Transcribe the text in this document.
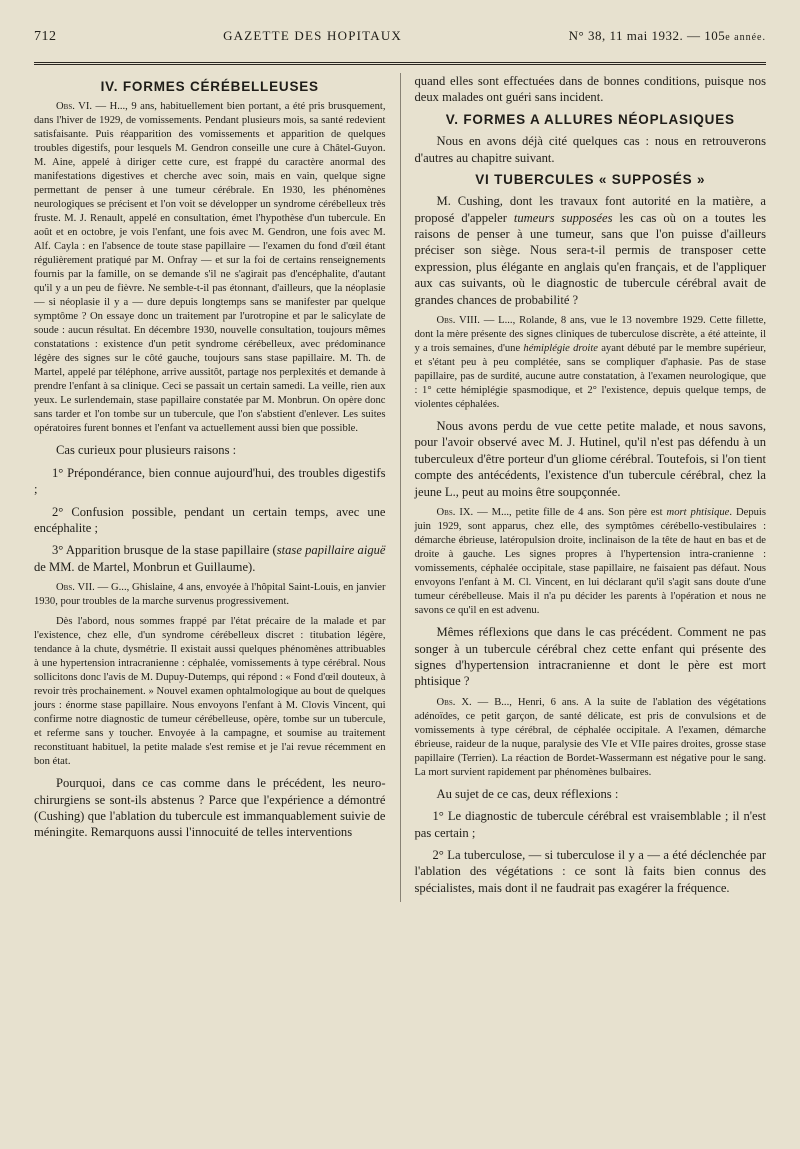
712	GAZETTE DES HOPITAUX	N° 38, 11 mai 1932. — 105e année.
IV. FORMES CÉRÉBELLEUSES

Obs. VI. — H..., 9 ans, habituellement bien portant, a été pris brusquement, dans l'hiver de 1929, de vomissements. Pendant plusieurs mois, sa santé redevient satisfaisante. Puis réapparition des vomissements et apparition de quelques troubles digestifs, pour lesquels M. Gendron conseille une cure à Châtel-Guyon. M. Aine, appelé à diriger cette cure, est frappé du caractère anormal des manifestations digestives et cherche avec soin, mais en vain, quelque signe permettant de penser à une tumeur cérébrale. En 1930, les phénomènes neurologiques se précisent et l'on voit se développer un syndrome cérébelleux très fruste. M. J. Renault, appelé en consultation, émet l'hypothèse d'un tubercule. En août et en octobre, je vois l'enfant, une fois avec M. Gendron, une fois avec M. Alf. Cayla : en l'absence de toute stase papillaire — l'examen du fond d'œil étant régulièrement pratiqué par M. Onfray — et sur la foi de certains renseignements fournis par la famille, on se demande s'il ne s'agirait pas d'encéphalite, d'autant qu'il y a un peu de fièvre. Ne semble-t-il pas étonnant, d'ailleurs, que la néoplasie — si néoplasie il y a — dure depuis longtemps sans se manifester par quelque symptôme ? On essaye donc un traitement par l'urotropine et par le salicylate de soude : aucun résultat. En décembre 1930, nouvelle consultation, toujours mêmes constatations : existence d'un petit syndrome cérébelleux, avec prédominance légère des signes sur le côté gauche, toujours sans stase papillaire. M. Th. de Martel, appelé par téléphone, arrive aussitôt, partage nos perplexités et demande à prendre l'enfant à sa clinique. Ceci se passait un certain samedi. La veille, rien aux yeux. Le surlendemain, stase papillaire constatée par M. Monbrun. On opère donc sans tarder et l'on tombe sur un tubercule, que l'on s'abstient d'enlever. Les suites opératoires furent bonnes et l'enfant va actuellement aussi bien que possible.

Cas curieux pour plusieurs raisons :

1° Prépondérance, bien connue aujourd'hui, des troubles digestifs ;

2° Confusion possible, pendant un certain temps, avec une encéphalite ;

3° Apparition brusque de la stase papillaire (stase papillaire aiguë de MM. de Martel, Monbrun et Guillaume).

Obs. VII. — G..., Ghislaine, 4 ans, envoyée à l'hôpital Saint-Louis, en janvier 1930, pour troubles de la marche survenus progressivement.

Dès l'abord, nous sommes frappé par l'état précaire de la malade et par l'existence, chez elle, d'un syndrome cérébelleux discret : titubation légère, tendance à la chute, dysmétrie. Il existait aussi quelques phénomènes attribuables à une hypertension intracranienne : céphalée, vomissements à type cérébral. Nous sollicitons donc l'avis de M. Dupuy-Dutemps, qui répond : « Fond d'œil douteux, à revoir très prochainement. » Nouvel examen ophtalmologique au bout de quelques jours : énorme stase papillaire. Nous envoyons l'enfant à M. Clovis Vincent, qui confirme notre diagnostic de tumeur cérébelleuse, opère, tombe sur un tubercule, et referme sans y toucher. Envoyée à la campagne, et soumise au traitement reconstituant habituel, la petite malade s'est remise et je l'ai revue récemment en bon état.

Pourquoi, dans ce cas comme dans le précédent, les neuro-chirurgiens se sont-ils abstenus ? Parce que l'expérience a démontré (Cushing) que l'ablation du tubercule est immanquablement suivie de méningite. Remarquons aussi l'innocuité de telles interventions

quand elles sont effectuées dans de bonnes conditions, puisque nos deux malades ont guéri sans incident.

V. FORMES A ALLURES NÉOPLASIQUES

Nous en avons déjà cité quelques cas : nous en retrouverons d'autres au chapitre suivant.

VI TUBERCULES « SUPPOSÉS »

M. Cushing, dont les travaux font autorité en la matière, a proposé d'appeler tumeurs supposées les cas où on a toutes les raisons de penser à une tumeur, sans que l'on puisse d'ailleurs préciser son siège. Nous sera-t-il permis de transposer cette expression, plus élégante en anglais qu'en français, et de l'appliquer aux cas suivants, où le diagnostic de tubercule cérébral avait de grandes chances de probabilité ?

Obs. VIII. — L..., Rolande, 8 ans, vue le 13 novembre 1929. Cette fillette, dont la mère présente des signes cliniques de tuberculose discrète, a été atteinte, il y a trois semaines, d'une hémiplégie droite ayant débuté par le membre supérieur, et s'étant peu à peu complétée, sans se compliquer d'aphasie. Pas de stase papillaire, pas de surdité, aucune autre constatation, à l'examen neurologique, que : 1° cette hémiplégie spasmodique, et 2° l'existence, depuis quelque temps, de violentes céphalées.

Nous avons perdu de vue cette petite malade, et nous savons, pour l'avoir observé avec M. J. Hutinel, qu'il n'est pas défendu à un tuberculeux d'être porteur d'un gliome cérébral. Toutefois, si l'on tient compte des antécédents, l'existence d'un tubercule cérébral, chez la jeune L., peut au moins être soupçonnée.

Obs. IX. — M..., petite fille de 4 ans. Son père est mort phtisique. Depuis juin 1929, sont apparus, chez elle, des symptômes cérébello-vestibulaires : démarche ébrieuse, latéropulsion droite, inclinaison de la tête de haut en bas et de droite à gauche. Les signes propres à l'hypertension intra-cranienne : vomissements, céphalée occipitale, stase papillaire, ne faisaient pas défaut. Nous envoyons l'enfant à M. Cl. Vincent, en lui déclarant qu'il s'agit sans doute d'une tumeur cérébelleuse. Mais il n'a pu décider les parents à l'opération et nous ne savons ce qu'il en est advenu.

Mêmes réflexions que dans le cas précédent. Comment ne pas songer à un tubercule cérébral chez cette enfant qui présente des signes d'hypertension intracranienne et dont le père est mort phtisique ?

Obs. X. — B..., Henri, 6 ans. A la suite de l'ablation des végétations adénoïdes, ce petit garçon, de santé délicate, est pris de convulsions et de vomissements à type cérébral, de céphalée occipitale. A l'examen, démarche ébrieuse, raideur de la nuque, paralysie des VIe et VIIe paires droites, grosse stase papillaire (Terrien). La réaction de Bordet-Wassermann est négative pour le sang. La mort survient rapidement par phénomènes bulbaires.

Au sujet de ce cas, deux réflexions :

1° Le diagnostic de tubercule cérébral est vraisemblable ; il n'est pas certain ;

2° La tuberculose, — si tuberculose il y a — a été déclenchée par l'ablation des végétations : ce sont là faits bien connus des spécialistes, mais dont il ne faudrait pas exagérer la fréquence.
